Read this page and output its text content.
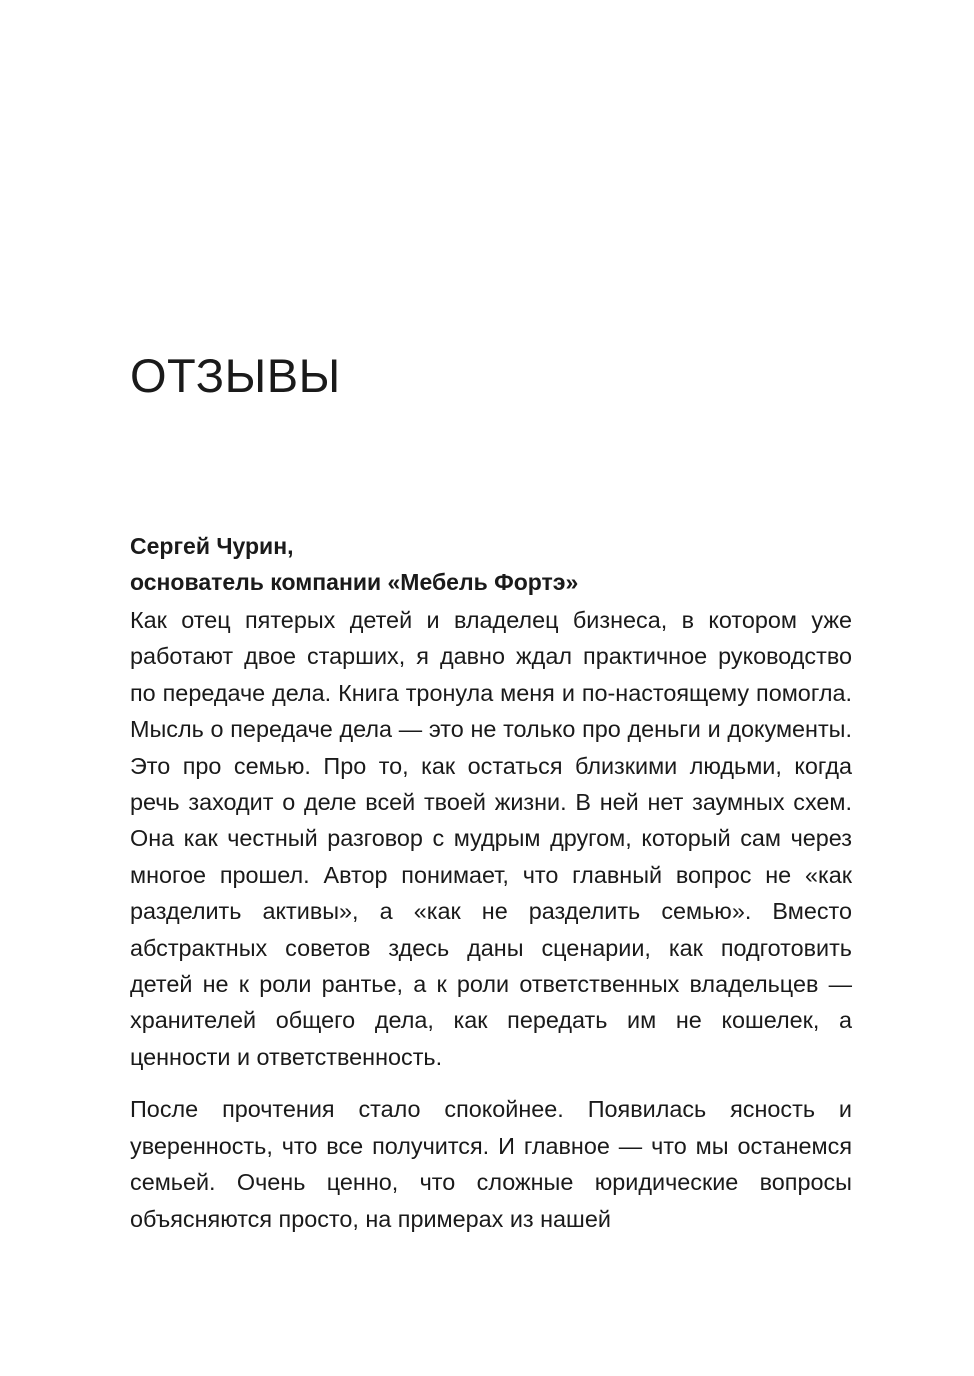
ОТЗЫВЫ

Сергей Чурин,

основатель компании «Мебель Фортэ»

Как отец пятерых детей и владелец бизнеса, в котором уже работают двое старших, я давно ждал практичное руководство по передаче дела. Книга тронула меня и по-настоящему помогла. Мысль о передаче дела — это не только про деньги и документы. Это про семью. Про то, как остаться близкими людьми, когда речь заходит о деле всей твоей жизни. В ней нет заумных схем. Она как честный разговор с мудрым другом, который сам через многое прошел. Автор понимает, что главный вопрос не «как разделить активы», а «как не разделить семью». Вместо абстрактных советов здесь даны сценарии, как подготовить детей не к роли рантье, а к роли ответственных владельцев — хранителей общего дела, как передать им не кошелек, а ценности и ответственность.

После прочтения стало спокойнее. Появилась ясность и уверенность, что все получится. И главное — что мы останемся семьей. Очень ценно, что сложные юридические вопросы объясняются просто, на примерах из нашей
